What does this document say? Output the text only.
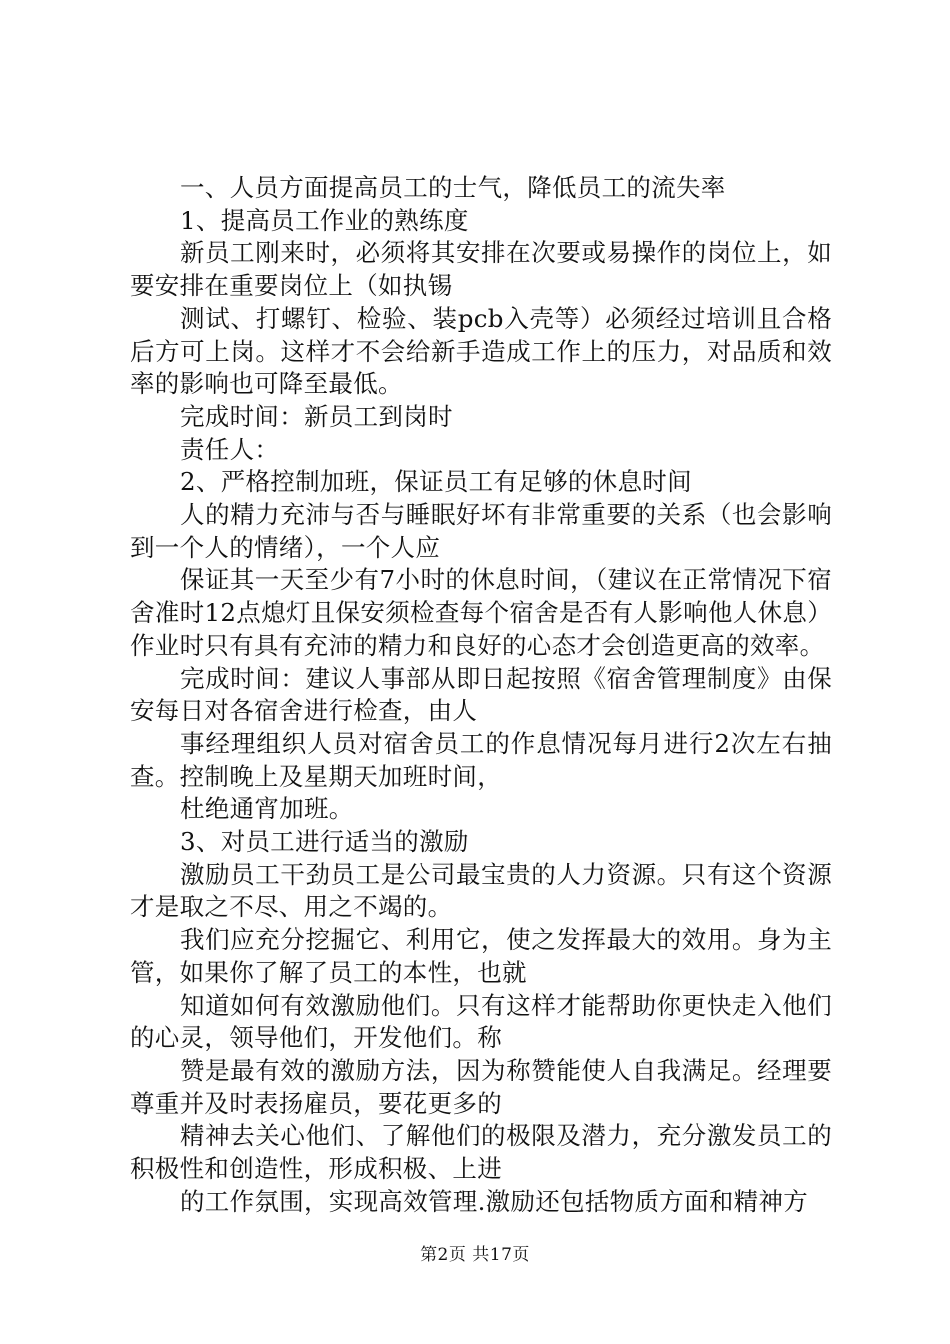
一、人员方面提高员工的士气，降低员工的流失率

1、提高员工作业的熟练度

新员工刚来时，必须将其安排在次要或易操作的岗位上，如要安排在重要岗位上（如执锡

测试、打螺钉、检验、装pcb入壳等）必须经过培训且合格后方可上岗。这样才不会给新手造成工作上的压力，对品质和效率的影响也可降至最低。

完成时间：新员工到岗时

责任人：

2、严格控制加班，保证员工有足够的休息时间

人的精力充沛与否与睡眠好坏有非常重要的关系（也会影响到一个人的情绪），一个人应

保证其一天至少有7小时的休息时间，（建议在正常情况下宿舍准时12点熄灯且保安须检查每个宿舍是否有人影响他人休息）作业时只有具有充沛的精力和良好的心态才会创造更高的效率。

完成时间：建议人事部从即日起按照《宿舍管理制度》由保安每日对各宿舍进行检查，由人

事经理组织人员对宿舍员工的作息情况每月进行2次左右抽查。控制晚上及星期天加班时间，

杜绝通宵加班。

3、对员工进行适当的激励

激励员工干劲员工是公司最宝贵的人力资源。只有这个资源才是取之不尽、用之不竭的。

我们应充分挖掘它、利用它，使之发挥最大的效用。身为主管，如果你了解了员工的本性，也就

知道如何有效激励他们。只有这样才能帮助你更快走入他们的心灵，领导他们，开发他们。称

赞是最有效的激励方法，因为称赞能使人自我满足。经理要尊重并及时表扬雇员，要花更多的

精神去关心他们、了解他们的极限及潜力，充分激发员工的积极性和创造性，形成积极、上进

的工作氛围，实现高效管理.激励还包括物质方面和精神方

第2页 共17页
